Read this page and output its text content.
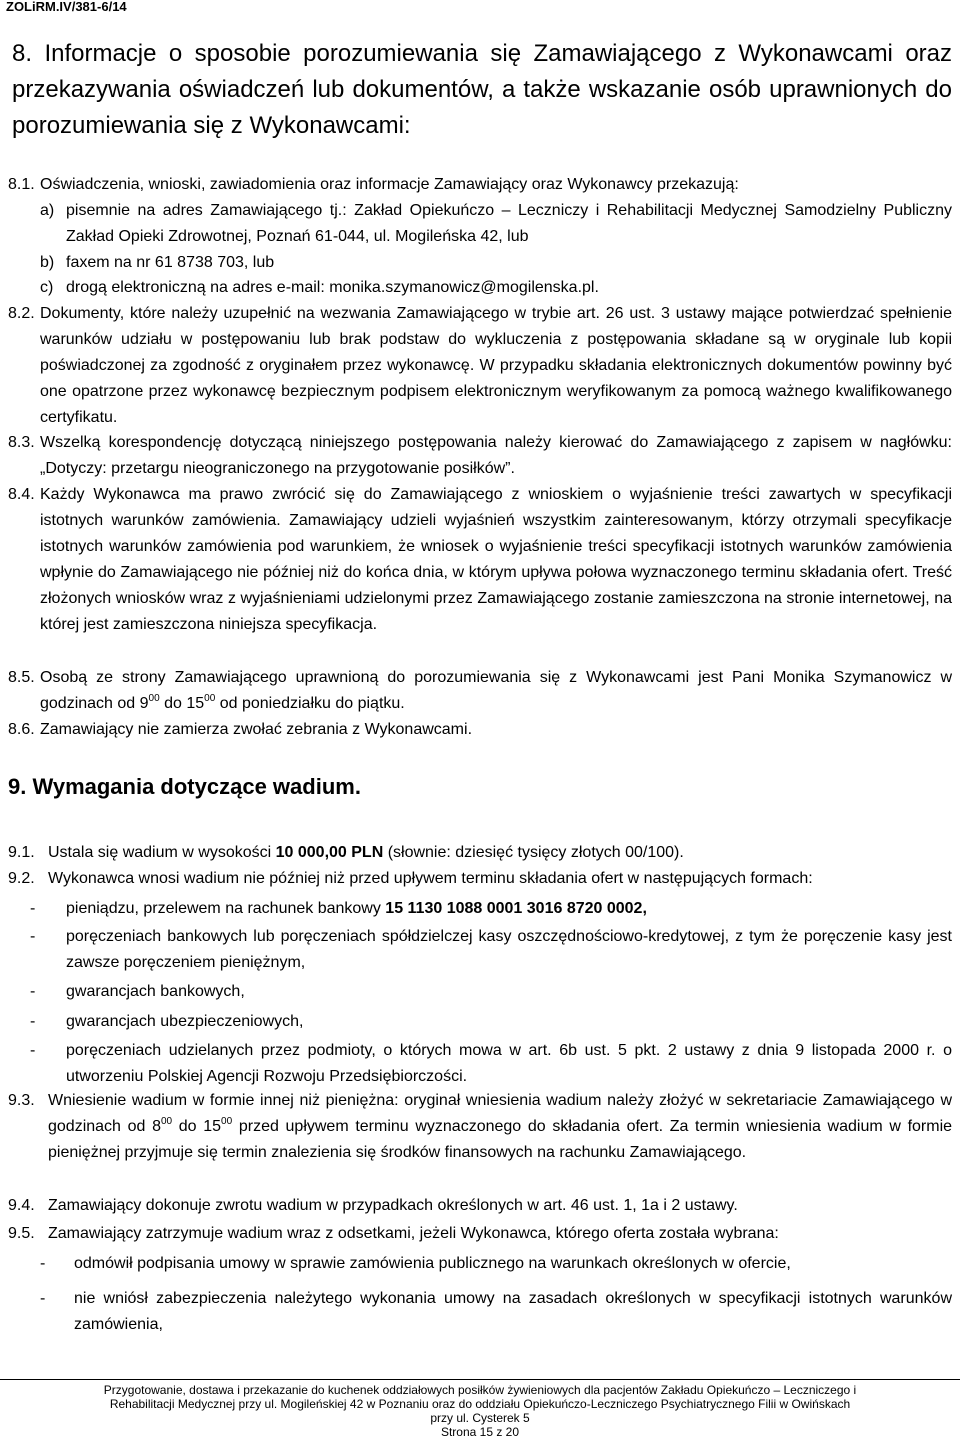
ZOLiRM.IV/381-6/14
8. Informacje o sposobie porozumiewania się Zamawiającego z Wykonawcami oraz przekazywania oświadczeń lub dokumentów, a także wskazanie osób uprawnionych do porozumiewania się z Wykonawcami:
8.1. Oświadczenia, wnioski, zawiadomienia oraz informacje Zamawiający oraz Wykonawcy przekazują:
a) pisemnie na adres Zamawiającego tj.: Zakład Opiekuńczo – Leczniczy i Rehabilitacji Medycznej Samodzielny Publiczny Zakład Opieki Zdrowotnej, Poznań 61-044, ul. Mogileńska 42, lub
b) faxem na nr 61 8738 703, lub
c) drogą elektroniczną na adres e-mail: monika.szymanowicz@mogilenska.pl.
8.2. Dokumenty, które należy uzupełnić na wezwania Zamawiającego w trybie art. 26 ust. 3 ustawy mające potwierdzać spełnienie warunków udziału w postępowaniu lub brak podstaw do wykluczenia z postępowania składane są w oryginale lub kopii poświadczonej za zgodność z oryginałem przez wykonawcę. W przypadku składania elektronicznych dokumentów powinny być one opatrzone przez wykonawcę bezpiecznym podpisem elektronicznym weryfikowanym za pomocą ważnego kwalifikowanego certyfikatu.
8.3. Wszelką korespondencję dotyczącą niniejszego postępowania należy kierować do Zamawiającego z zapisem w nagłówku: „Dotyczy: przetargu nieograniczonego na przygotowanie posiłków”.
8.4. Każdy Wykonawca ma prawo zwrócić się do Zamawiającego z wnioskiem o wyjaśnienie treści zawartych w specyfikacji istotnych warunków zamówienia. Zamawiający udzieli wyjaśnień wszystkim zainteresowanym, którzy otrzymali specyfikacje istotnych warunków zamówienia pod warunkiem, że wniosek o wyjaśnienie treści specyfikacji istotnych warunków zamówienia wpłynie do Zamawiającego nie później niż do końca dnia, w którym upływa połowa wyznaczonego terminu składania ofert. Treść złożonych wniosków wraz z wyjaśnieniami udzielonymi przez Zamawiającego zostanie zamieszczona na stronie internetowej, na której jest zamieszczona niniejsza specyfikacja.
8.5. Osobą ze strony Zamawiającego uprawnioną do porozumiewania się z Wykonawcami jest Pani Monika Szymanowicz w godzinach od $9^{00}$ do $15^{00}$ od poniedziałku do piątku.
8.6. Zamawiający nie zamierza zwołać zebrania z Wykonawcami.
9. Wymagania dotyczące wadium.
9.1. Ustala się wadium w wysokości 10 000,00 PLN (słownie: dziesięć tysięcy złotych 00/100).
9.2. Wykonawca wnosi wadium nie później niż przed upływem terminu składania ofert w następujących formach:
- pieniądzu, przelewem na rachunek bankowy 15 1130 1088 0001 3016 8720 0002,
- poręczeniach bankowych lub poręczeniach spółdzielczej kasy oszczędnościowo-kredytowej, z tym że poręczenie kasy jest zawsze poręczeniem pieniężnym,
- gwarancjach bankowych,
- gwarancjach ubezpieczeniowych,
- poręczeniach udzielanych przez podmioty, o których mowa w art. 6b ust. 5 pkt. 2 ustawy z dnia 9 listopada 2000 r. o utworzeniu Polskiej Agencji Rozwoju Przedsiębiorczości.
9.3. Wniesienie wadium w formie innej niż pieniężna: oryginał wniesienia wadium należy złożyć w sekretariacie Zamawiającego w godzinach od $8^{00}$ do $15^{00}$ przed upływem terminu wyznaczonego do składania ofert. Za termin wniesienia wadium w formie pieniężnej przyjmuje się termin znalezienia się środków finansowych na rachunku Zamawiającego.
9.4. Zamawiający dokonuje zwrotu wadium w przypadkach określonych w art. 46 ust. 1, 1a i 2 ustawy.
9.5. Zamawiający zatrzymuje wadium wraz z odsetkami, jeżeli Wykonawca, którego oferta została wybrana:
- odmówił podpisania umowy w sprawie zamówienia publicznego na warunkach określonych w ofercie,
- nie wniósł zabezpieczenia należytego wykonania umowy na zasadach określonych w specyfikacji istotnych warunków zamówienia,
Przygotowanie, dostawa i przekazanie do kuchenek oddziałowych posiłków żywieniowych dla pacjentów Zakładu Opiekuńczo – Leczniczego i
Rehabilitacji Medycznej przy ul. Mogileńskiej 42 w Poznaniu oraz do oddziału Opiekuńczo-Leczniczego Psychiatrycznego Filii w Owińskach
przy ul. Cysterek 5
Strona 15 z 20
